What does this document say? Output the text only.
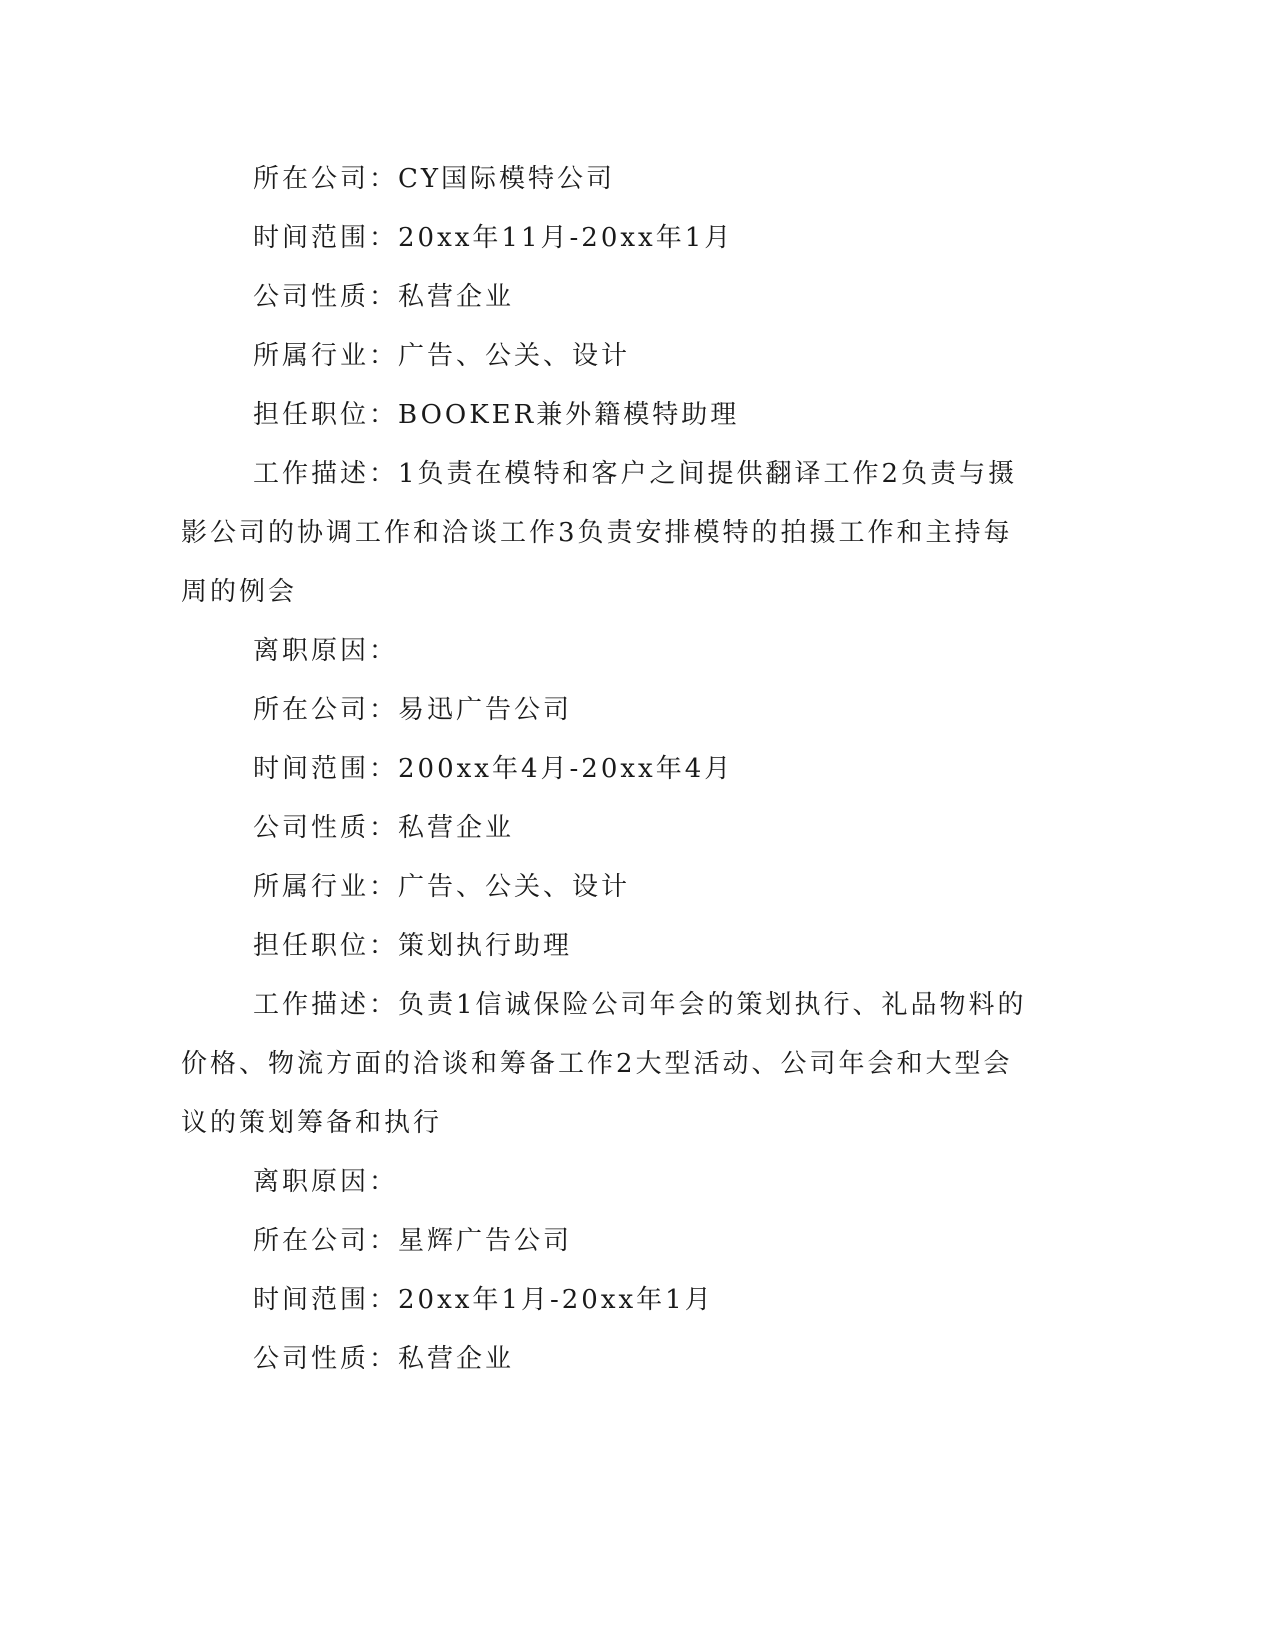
所在公司：CY国际模特公司

时间范围：20xx年11月-20xx年1月

公司性质：私营企业

所属行业：广告、公关、设计

担任职位：BOOKER兼外籍模特助理

工作描述：1负责在模特和客户之间提供翻译工作2负责与摄影公司的协调工作和洽谈工作3负责安排模特的拍摄工作和主持每周的例会

离职原因：

所在公司：易迅广告公司

时间范围：200xx年4月-20xx年4月

公司性质：私营企业

所属行业：广告、公关、设计

担任职位：策划执行助理

工作描述：负责1信诚保险公司年会的策划执行、礼品物料的价格、物流方面的洽谈和筹备工作2大型活动、公司年会和大型会议的策划筹备和执行

离职原因：

所在公司：星辉广告公司

时间范围：20xx年1月-20xx年1月

公司性质：私营企业
